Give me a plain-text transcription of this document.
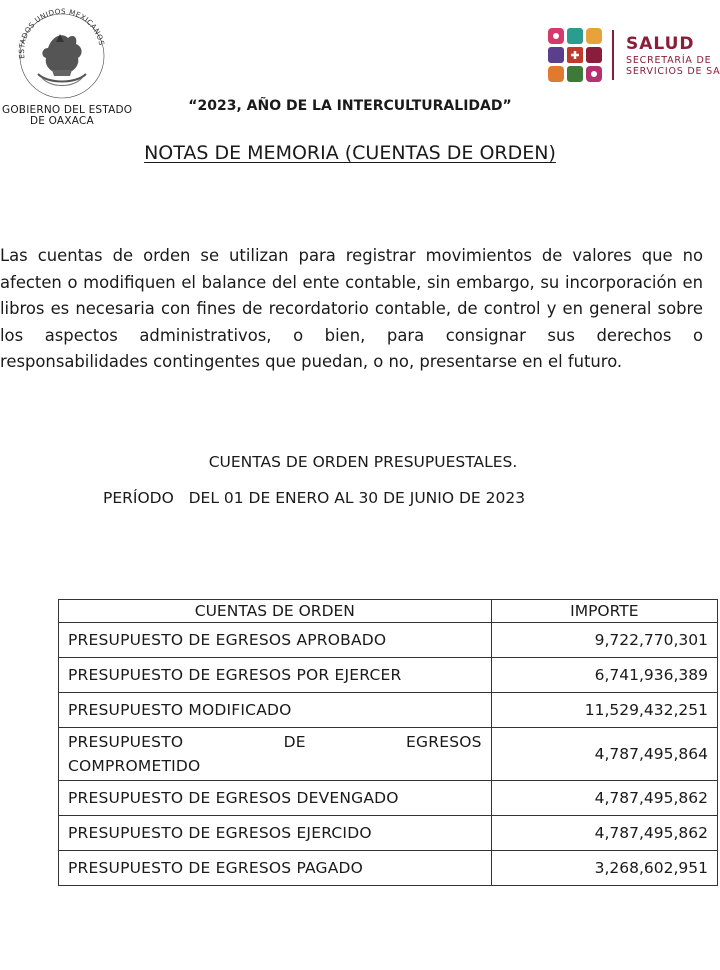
ESTADOS UNIDOS MEXICANOS
GOBIERNO DEL ESTADO
DE OAXACA
“2023, AÑO DE LA INTERCULTURALIDAD”
SALUD
SECRETARÍA DE
SERVICIOS DE SA
NOTAS DE MEMORIA (CUENTAS DE ORDEN)

Las cuentas de orden se utilizan para registrar movimientos de valores que no afecten o modifiquen el balance del ente contable, sin embargo, su incorporación en libros es necesaria con fines de recordatorio contable, de control y en general sobre los aspectos administrativos, o bien, para consignar sus derechos o responsabilidades contingentes que puedan, o no, presentarse en el futuro.

CUENTAS DE ORDEN PRESUPUESTALES.
PERÍODO   DEL 01 DE ENERO AL 30 DE JUNIO DE 2023
CUENTAS DE ORDEN	IMPORTE
PRESUPUESTO DE EGRESOS APROBADO	9,722,770,301
PRESUPUESTO DE EGRESOS POR EJERCER	6,741,936,389
PRESUPUESTO MODIFICADO	11,529,432,251

PRESUPUESTO DE EGRESOS
COMPROMETIDO	4,787,495,864
PRESUPUESTO DE EGRESOS DEVENGADO	4,787,495,862
PRESUPUESTO DE EGRESOS EJERCIDO	4,787,495,862
PRESUPUESTO DE EGRESOS PAGADO	3,268,602,951
